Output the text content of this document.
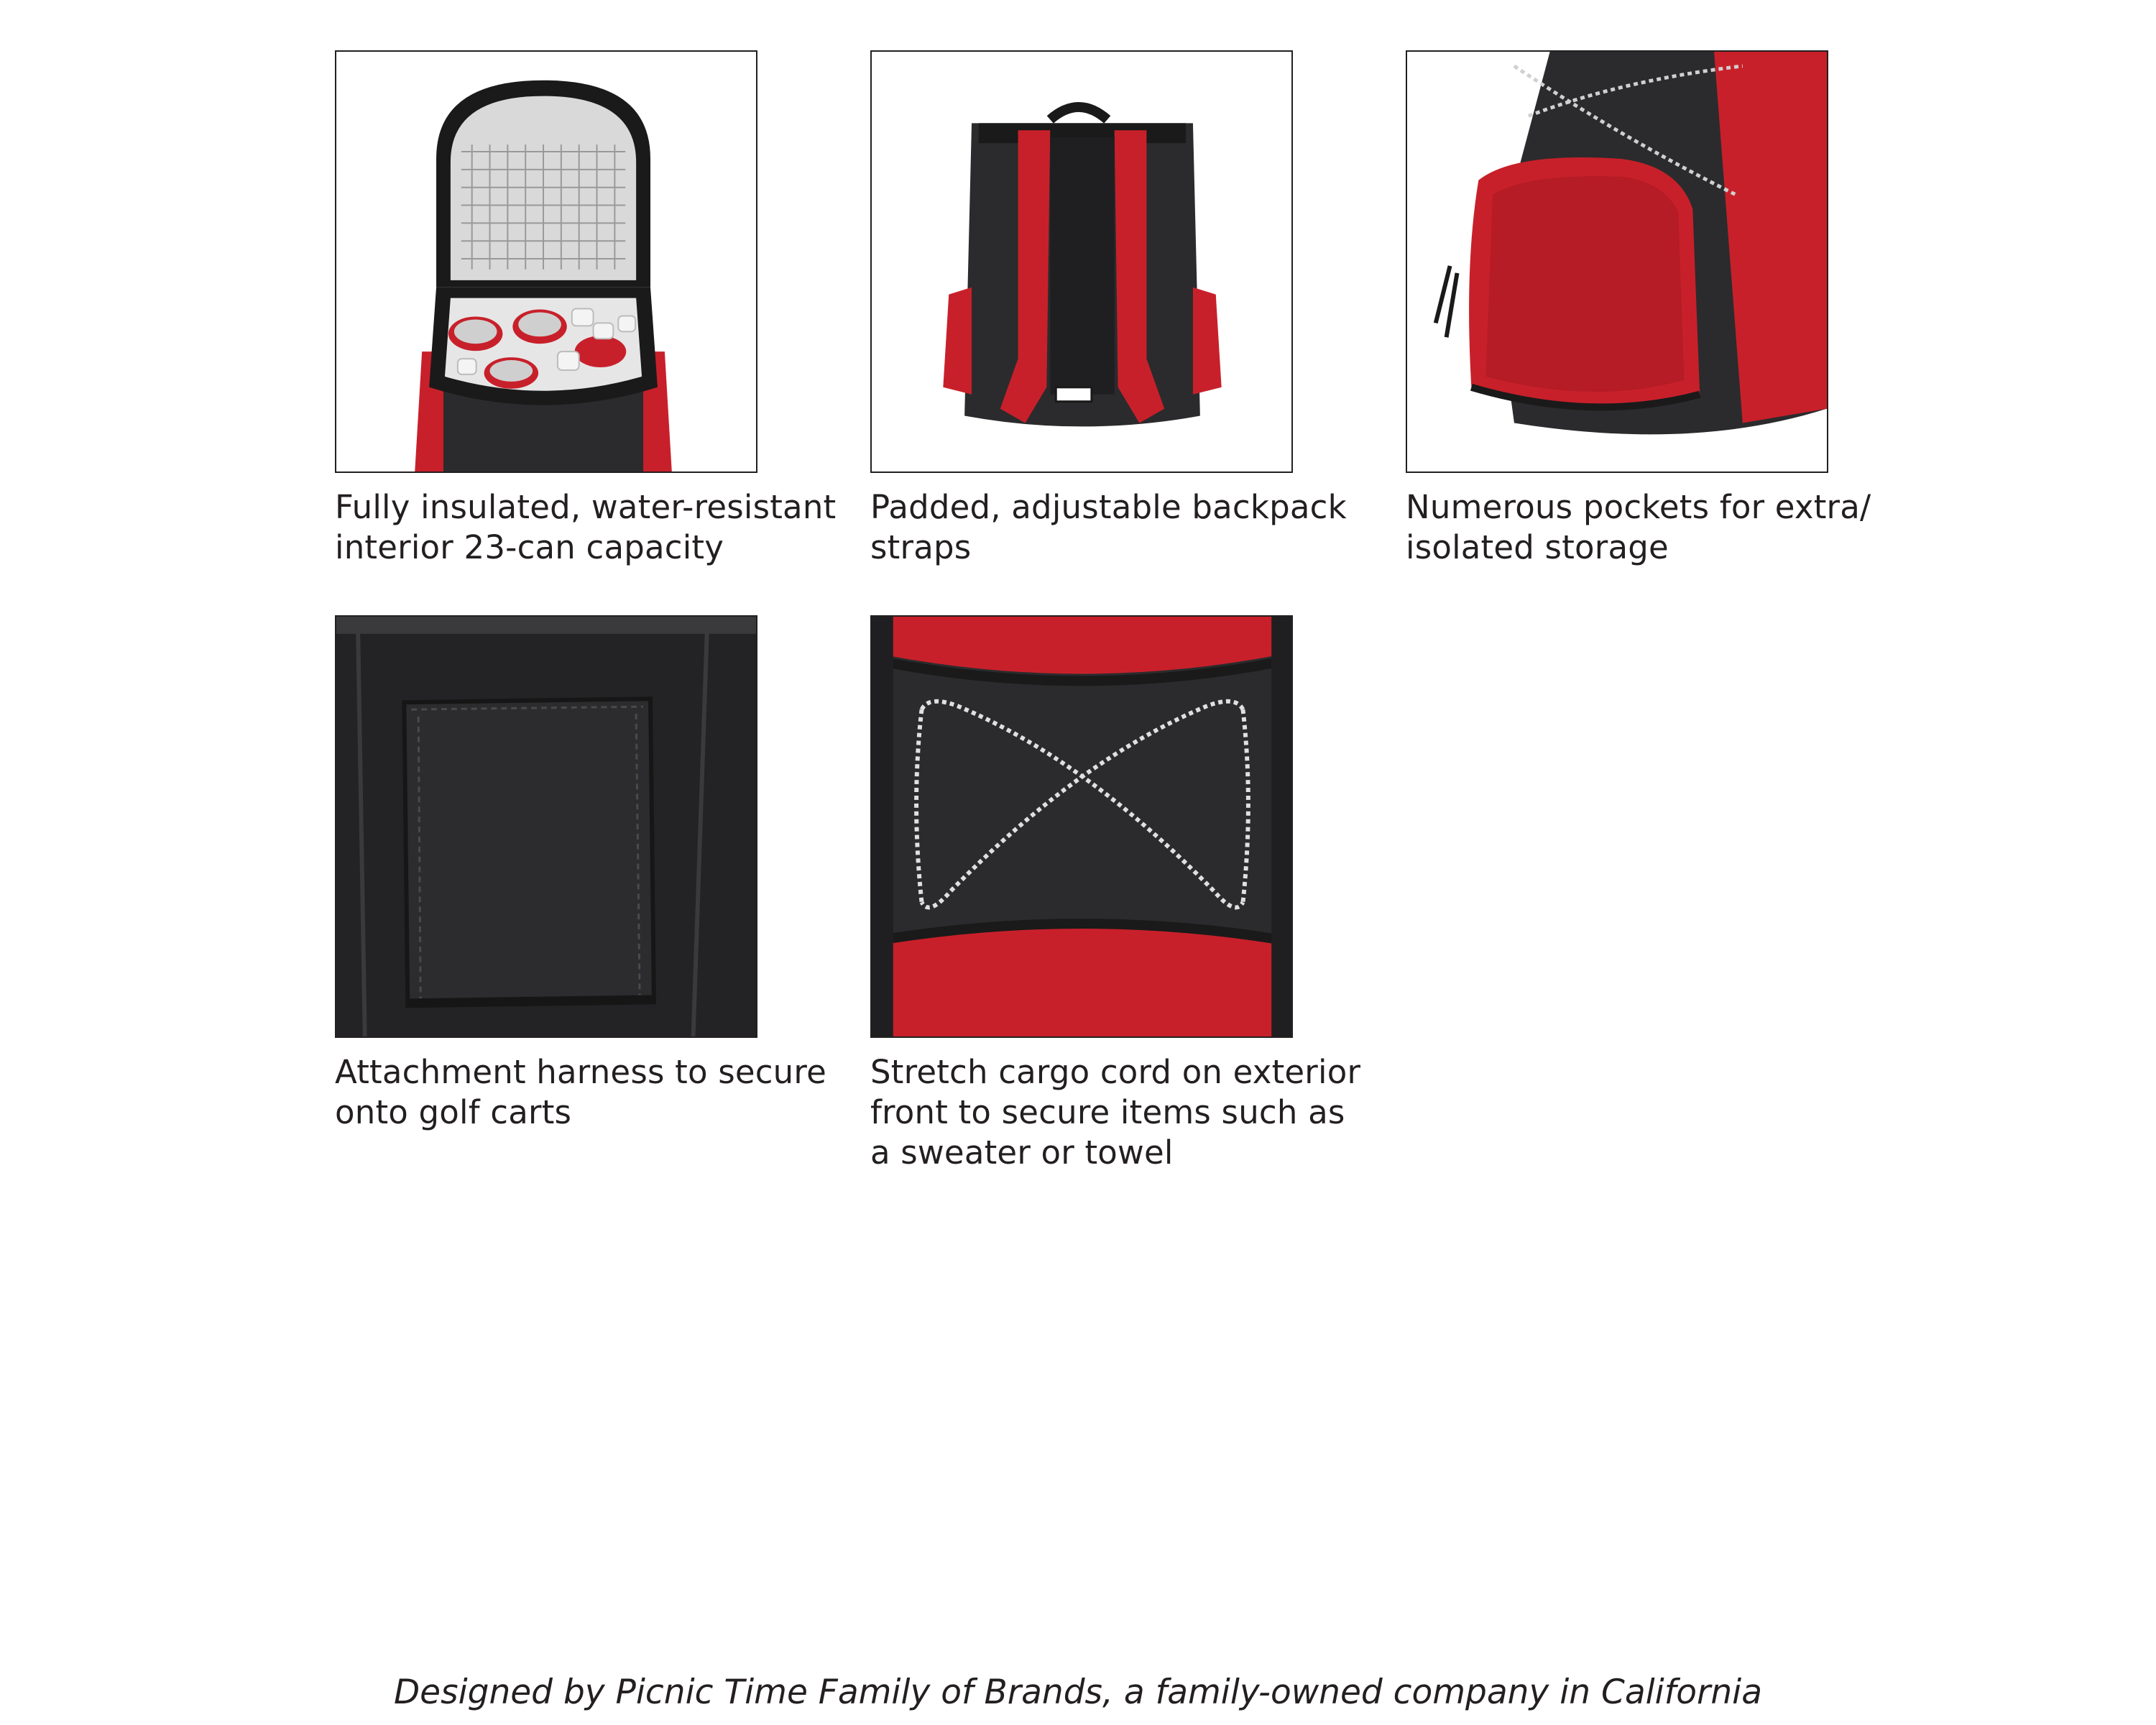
Fully insulated, water-resistant
interior 23-can capacity
Padded, adjustable backpack
straps
Numerous pockets for extra/
isolated storage
Attachment harness to secure
onto golf carts
Stretch cargo cord on exterior
front to secure items such as
a sweater or towel
Designed by Picnic Time Family of Brands, a family-owned company in California
